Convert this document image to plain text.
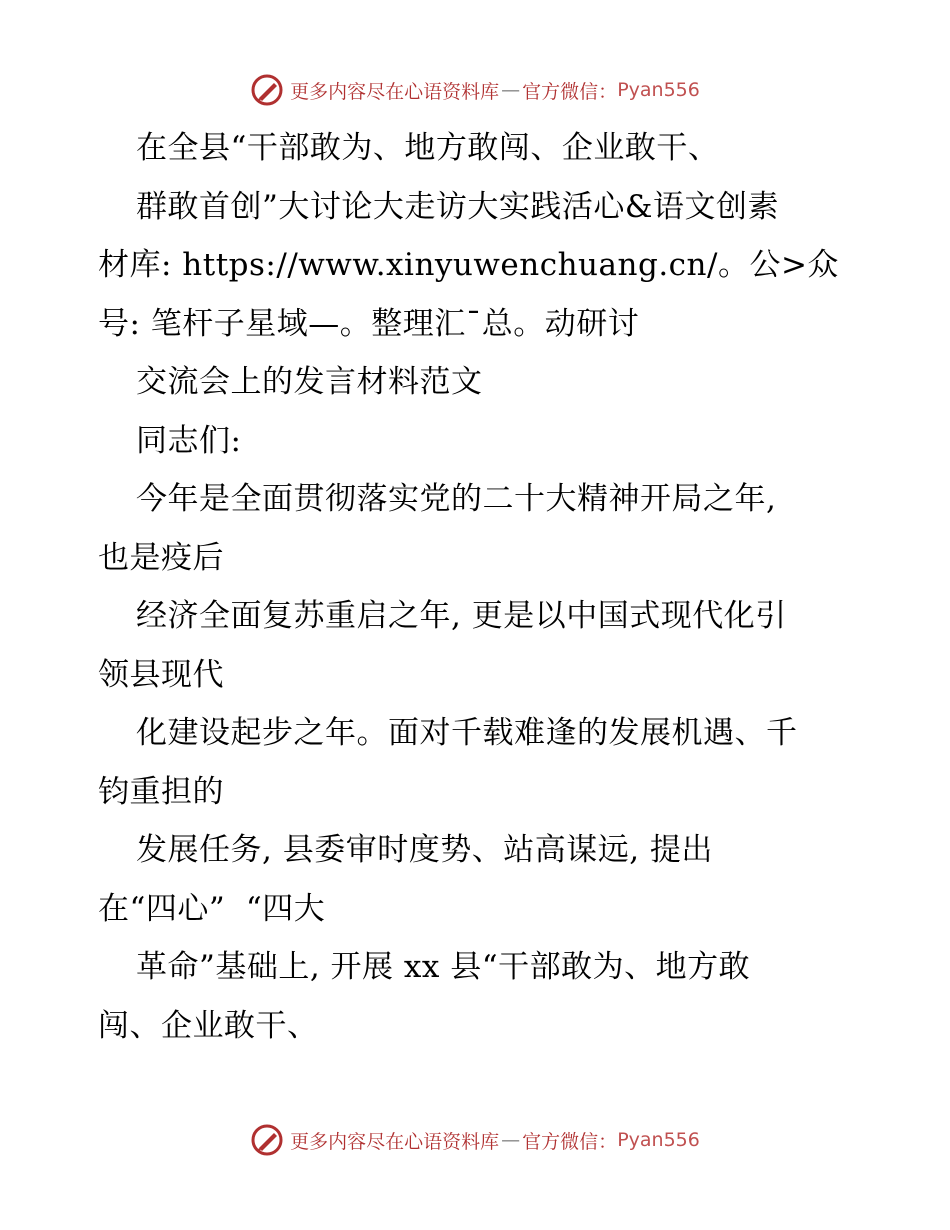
更多内容尽在心语资料库 — 官方微信： Pyan556
在全县“干部敢为、地方敢闯、企业敢干、
群敢首创”大讨论大走访大实践活心&语文创素
材库: https://www.xinyuwenchuang.cn/。公>众
号: 笔杆子星域—。整理汇¯总。动研讨
交流会上的发言材料范文
同志们:
今年是全面贯彻落实党的二十大精神开局之年,
也是疫后
经济全面复苏重启之年, 更是以中国式现代化引
领县现代
化建设起步之年。面对千载难逢的发展机遇、千
钧重担的
发展任务, 县委审时度势、站高谋远, 提出
在“四心”  “四大
革命”基础上, 开展 xx 县“干部敢为、地方敢
闯、企业敢干、
更多内容尽在心语资料库 — 官方微信： Pyan556
